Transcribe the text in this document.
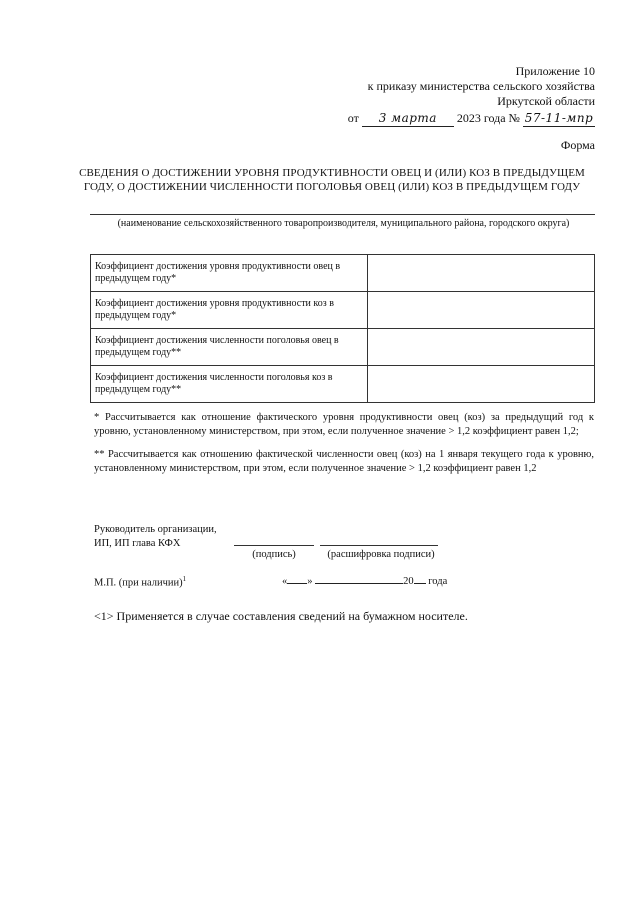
Приложение 10
к приказу министерства сельского хозяйства
Иркутской области
от 3 марта 2023 года № 57-11-мпр
Форма
СВЕДЕНИЯ О ДОСТИЖЕНИИ УРОВНЯ ПРОДУКТИВНОСТИ ОВЕЦ И (ИЛИ) КОЗ В ПРЕДЫДУЩЕМ
ГОДУ, О ДОСТИЖЕНИИ ЧИСЛЕННОСТИ ПОГОЛОВЬЯ ОВЕЦ (ИЛИ) КОЗ В ПРЕДЫДУЩЕМ ГОДУ
(наименование сельскохозяйственного товаропроизводителя, муниципального района, городского округа)
Коэффициент достижения уровня продуктивности овец в предыдущем году*	
Коэффициент достижения уровня продуктивности коз в предыдущем году*	
Коэффициент достижения численности поголовья овец в предыдущем году**	
Коэффициент достижения численности поголовья коз в предыдущем году**	
* Рассчитывается как отношение фактического уровня продуктивности овец (коз) за предыдущий год к уровню, установленному министерством, при этом, если полученное значение > 1,2 коэффициент равен 1,2;
** Рассчитывается как отношению фактической численности овец (коз) на 1 января текущего года к уровню, установленному министерством, при этом, если полученное значение > 1,2 коэффициент равен 1,2
Руководитель организации,
ИП, ИП глава КФХ
(подпись)	(расшифровка подписи)
М.П. (при наличии)$^1$	« »	20 года
<1> Применяется в случае составления сведений на бумажном носителе.
